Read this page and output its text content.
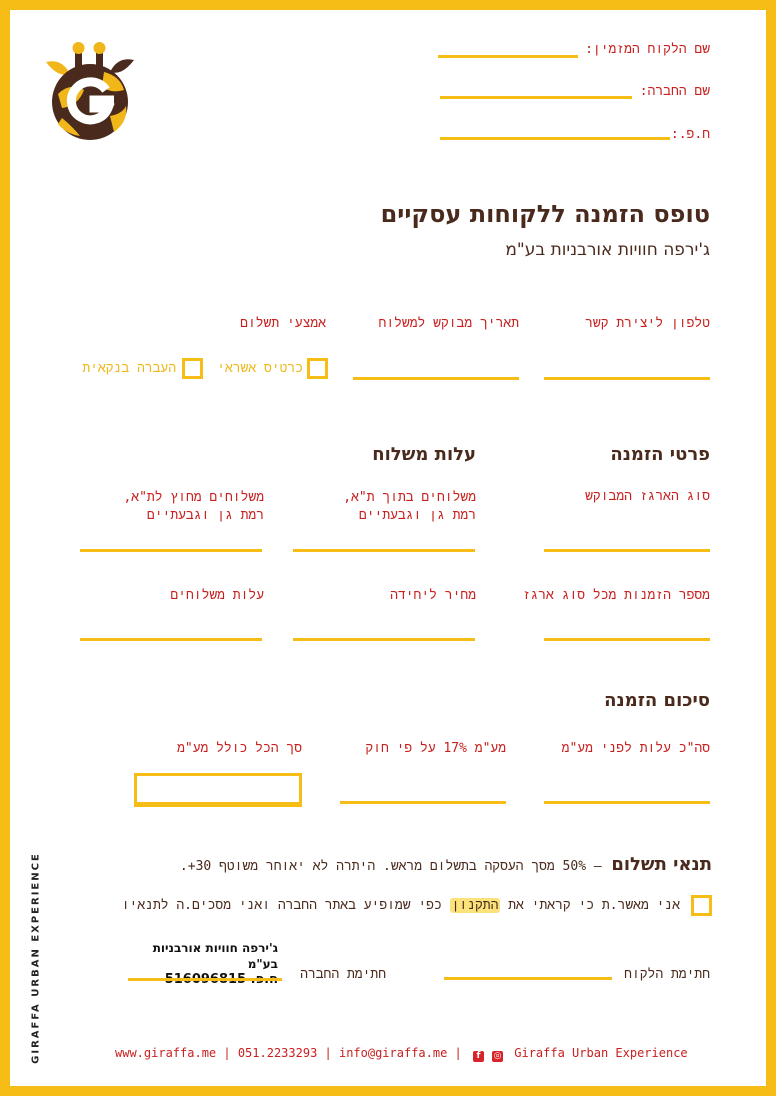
שם הלקוח המזמין:
שם החברה:
ח.פ.:
טופס הזמנה ללקוחות עסקיים
ג'ירפה חוויות אורבניות בע"מ
טלפון ליצירת קשר
תאריך מבוקש למשלוח
אמצעי תשלום
כרטיס אשראי
העברה בנקאית
פרטי הזמנה
סוג הארגז המבוקש
מספר הזמנות מכל סוג ארגז
עלות משלוח
משלוחים בתוך ת"א,
רמת גן וגבעתיים
משלוחים מחוץ לת"א,
רמת גן וגבעתיים
מחיר ליחידה
עלות משלוחים
סיכום הזמנה
סה"כ עלות לפני מע"מ
מע"מ 17% על פי חוק
סך הכל כולל מע"מ
תנאי תשלום – 50% מסך העסקה בתשלום מראש. היתרה לא יאוחר משוטף 30+.
אני מאשר.ת כי קראתי את התקנון כפי שמופיע באתר החברה ואני מסכים.ה לתנאיו
חתימת הלקוח
חתימת החברה
ג'ירפה חוויות אורבניות בע"מ
GIRAFFA URBAN EXPERIENCE	www.giraffa.me | 051.2233293 | info@giraffa.me | f ◎ Giraffa Urban Experience
